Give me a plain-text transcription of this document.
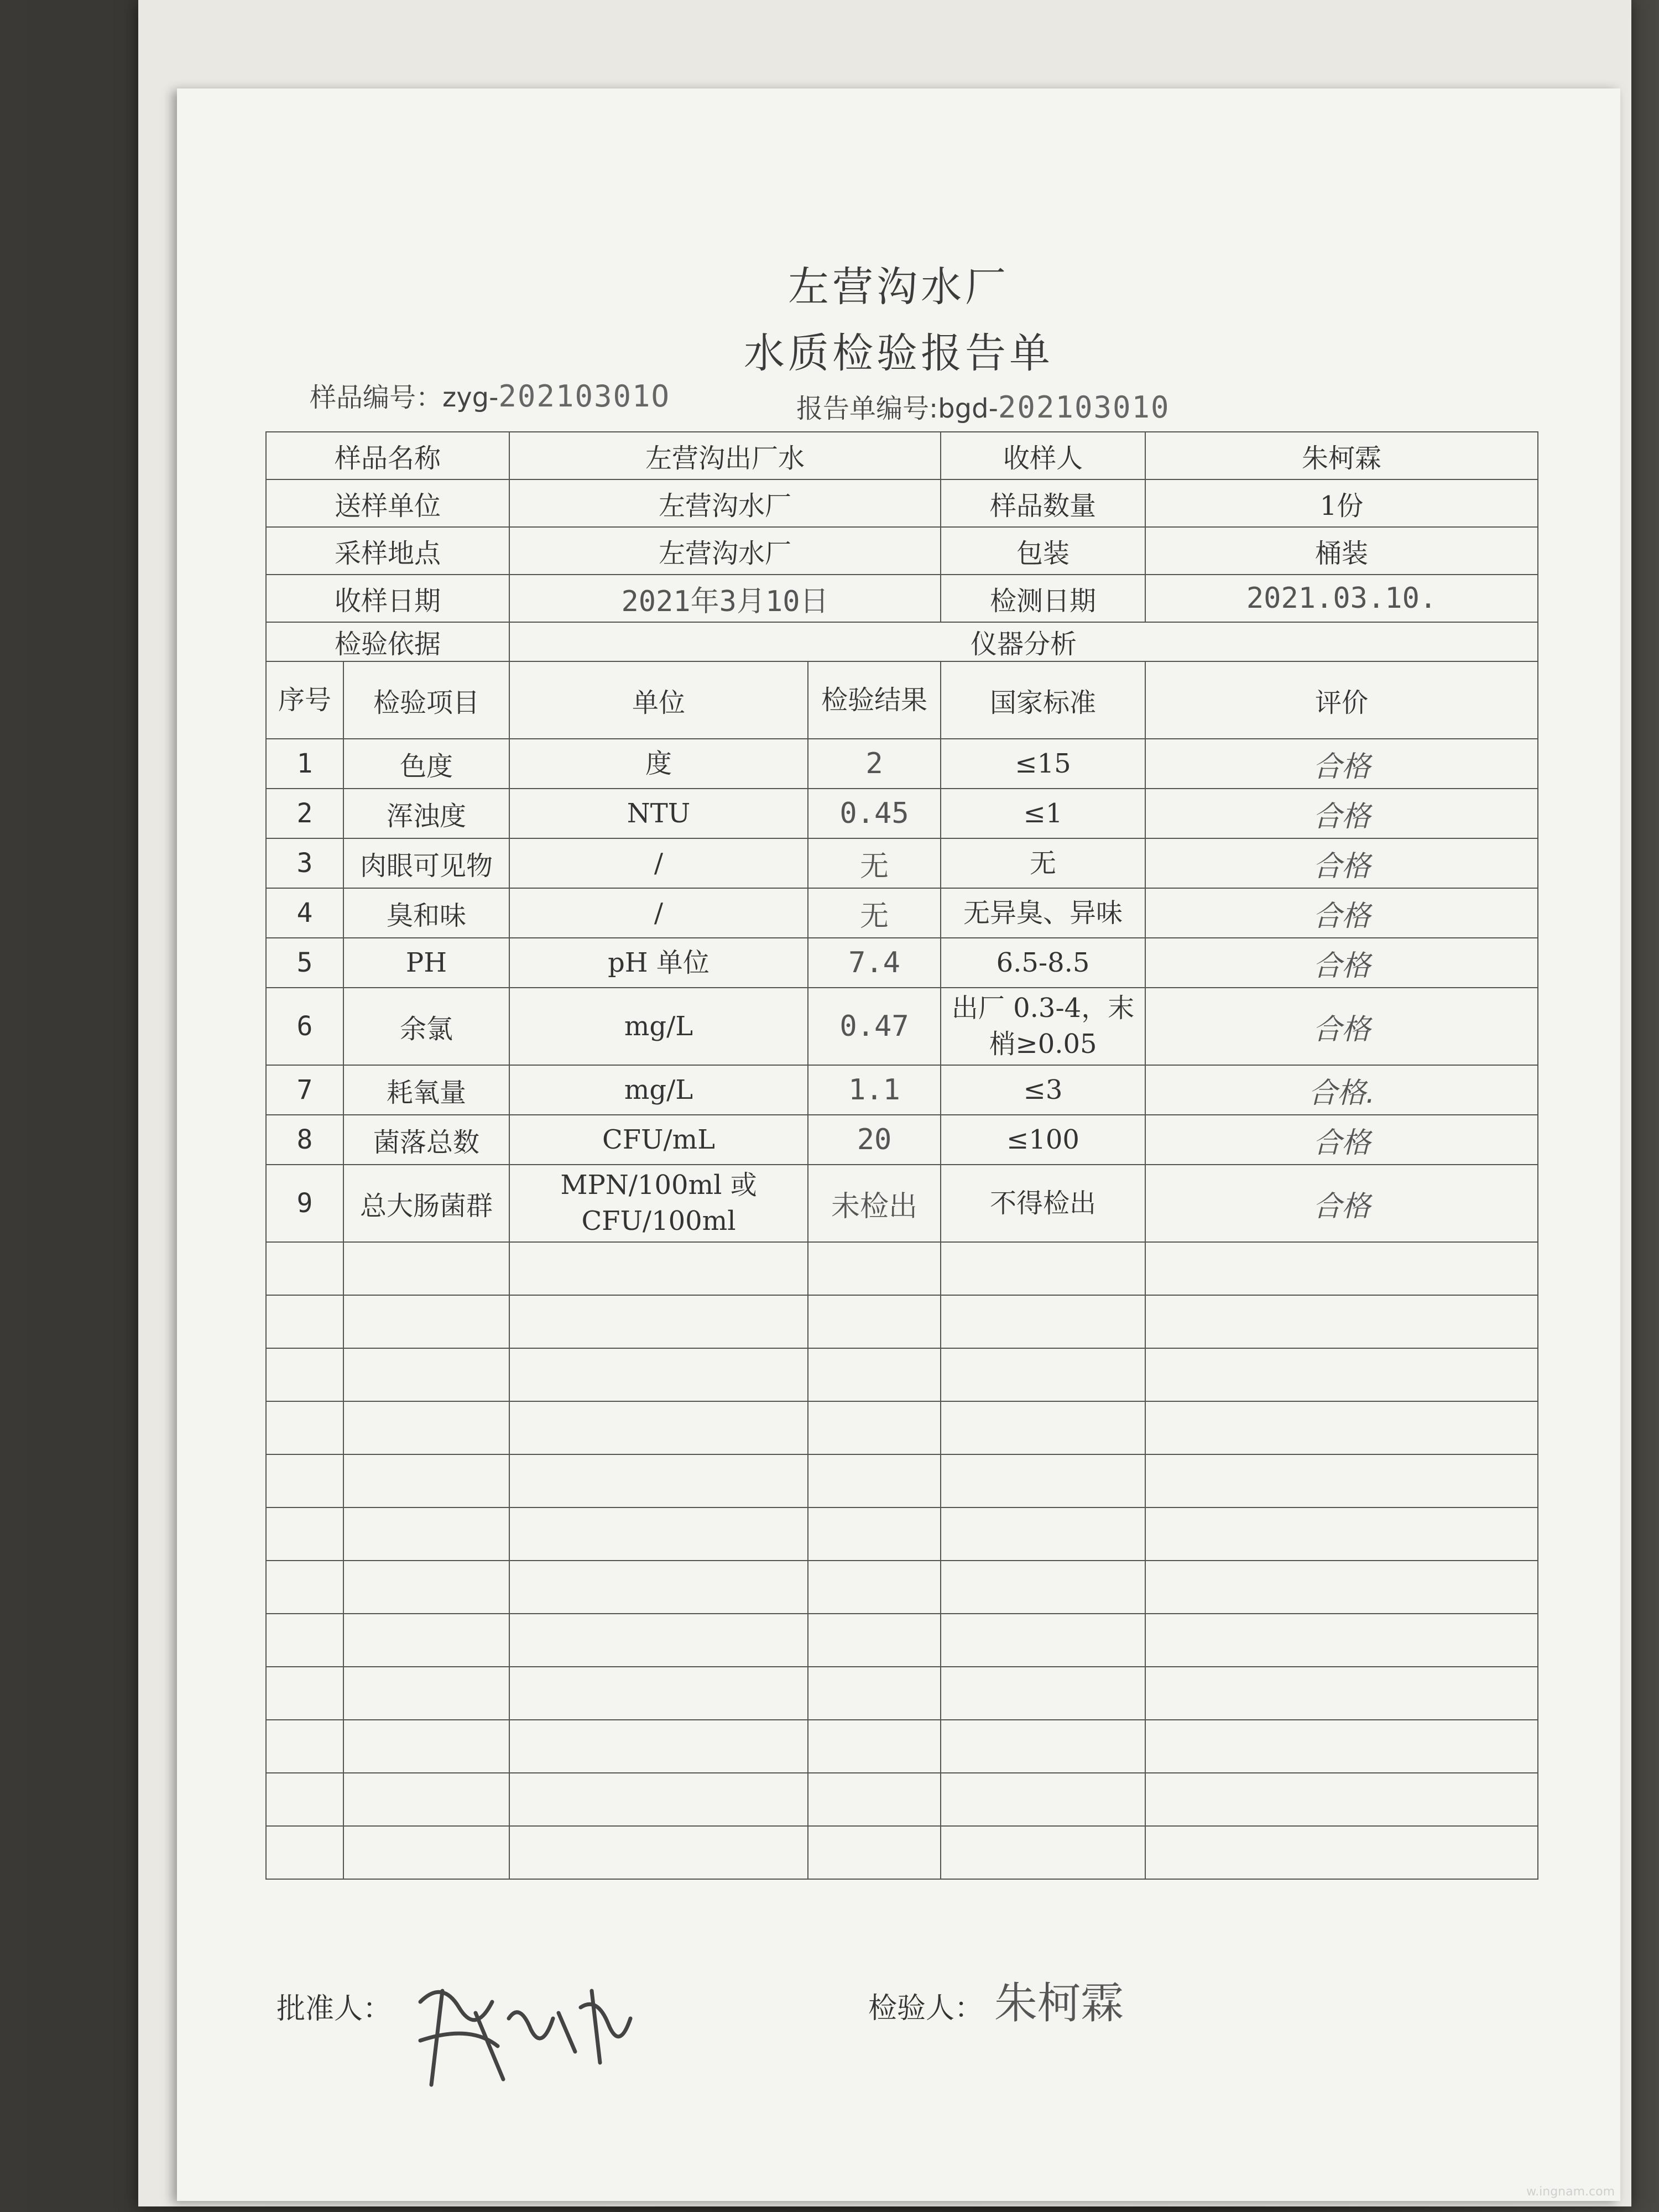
左营沟水厂
水质检验报告单
样品编号：zyg-20210301O	报告单编号:bgd-202103010
样品名称		左营沟出厂水		收样人	朱柯霖
送样单位		左营沟水厂		样品数量	1份
采样地点		左营沟水厂		包装	桶装
收样日期		2021年3月10日		检测日期	2021.03.10.
检验依据		仪器分析			
序号	检验项目	单位	检验结果	国家标准	评价
1	色度	度	2	≤15	合格
2	浑浊度	NTU	0.45	≤1	合格
3	肉眼可见物	/	无	无	合格
4	臭和味	/	无	无异臭、异味	合格
5	PH	pH 单位	7.4	6.5-8.5	合格
6	余氯	mg/L	0.47	出厂 0.3-4，末梢≥0.05	合格
7	耗氧量	mg/L	1.1	≤3	合格.
8	菌落总数	CFU/mL	20	≤100	合格
9	总大肠菌群	MPN/100ml 或 CFU/100ml	未检出	不得检出	合格

批准人：	检验人： 朱柯霖
w.ingnam.com
